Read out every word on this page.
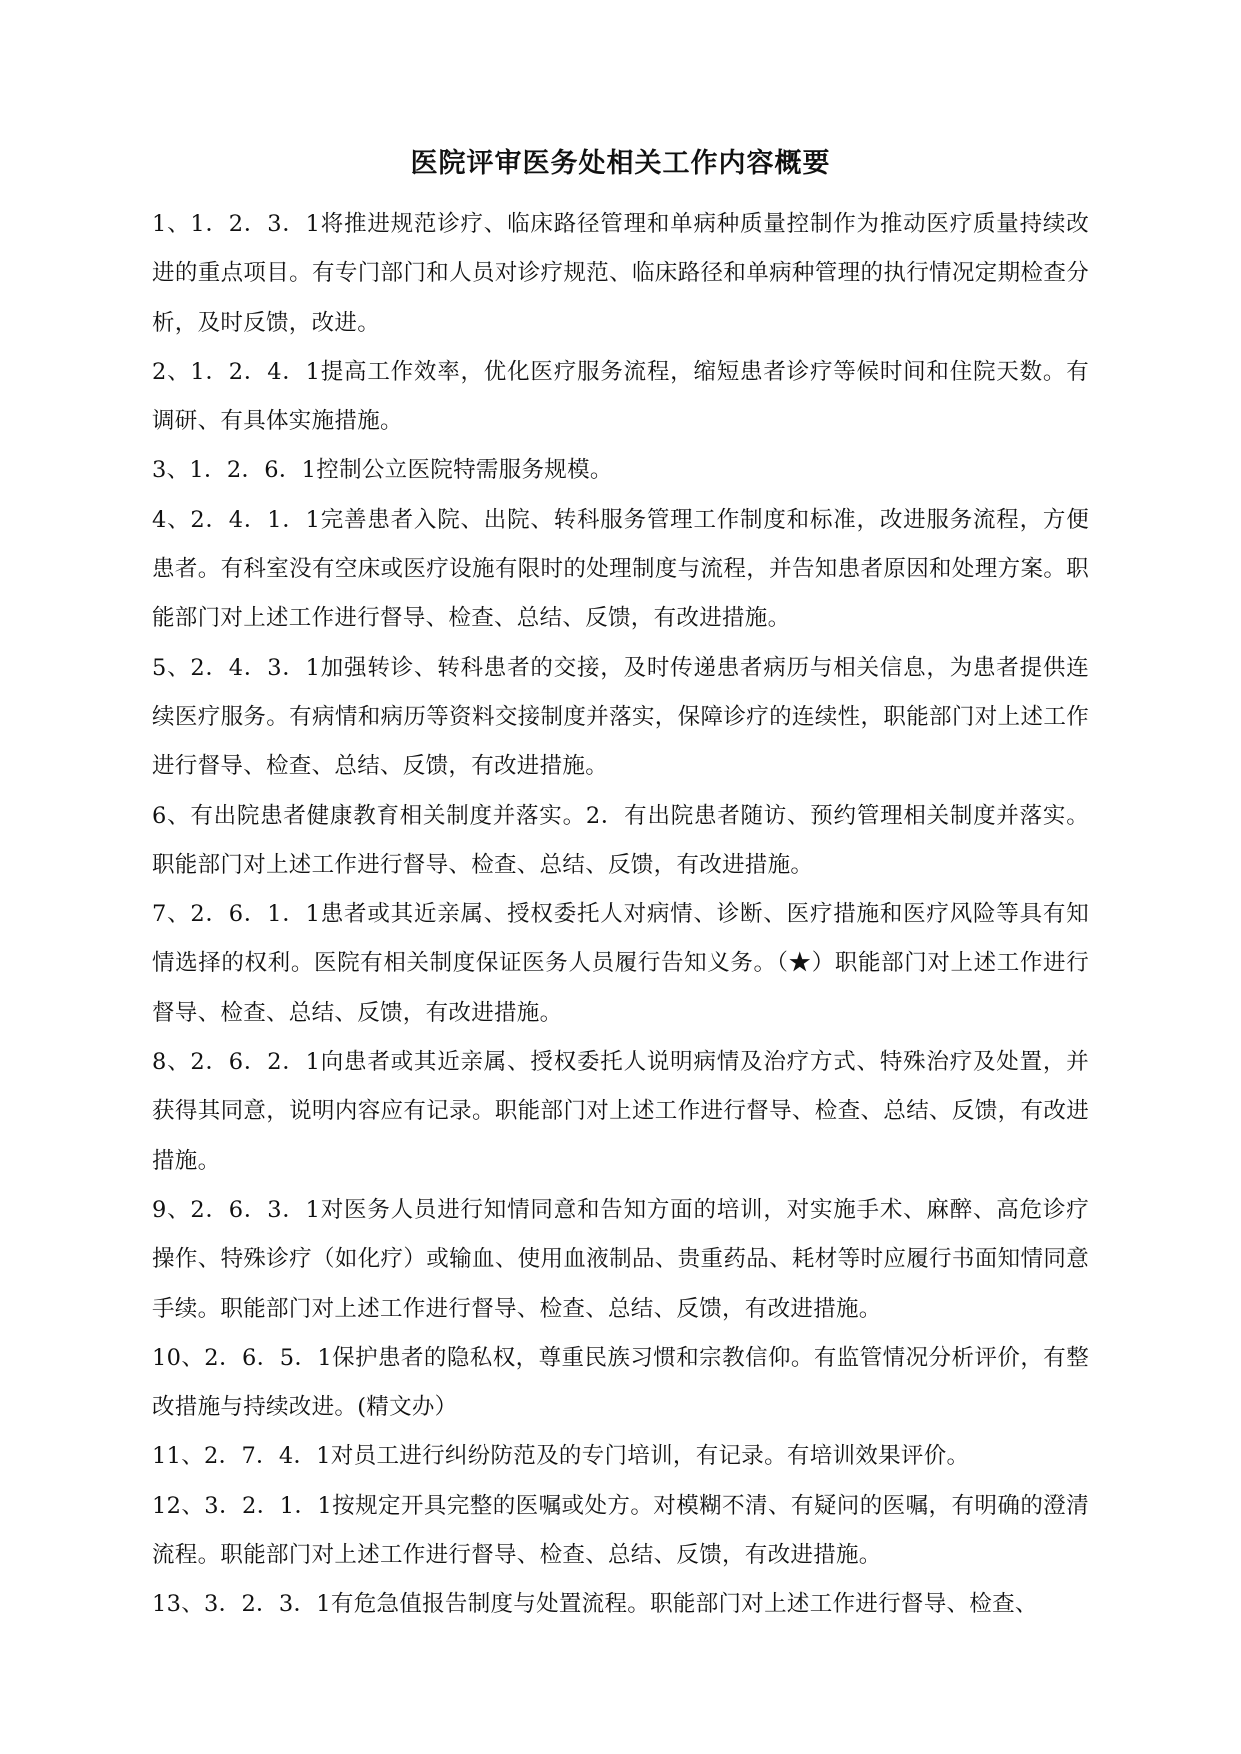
医院评审医务处相关工作内容概要

1、1．2．3．1将推进规范诊疗、临床路径管理和单病种质量控制作为推动医疗质量持续改进的重点项目。有专门部门和人员对诊疗规范、临床路径和单病种管理的执行情况定期检查分析，及时反馈，改进。

2、1．2．4．1提高工作效率，优化医疗服务流程，缩短患者诊疗等候时间和住院天数。有调研、有具体实施措施。

3、1．2．6．1控制公立医院特需服务规模。

4、2．4．1．1完善患者入院、出院、转科服务管理工作制度和标准，改进服务流程，方便患者。有科室没有空床或医疗设施有限时的处理制度与流程，并告知患者原因和处理方案。职能部门对上述工作进行督导、检查、总结、反馈，有改进措施。

5、2．4．3．1加强转诊、转科患者的交接，及时传递患者病历与相关信息，为患者提供连续医疗服务。有病情和病历等资料交接制度并落实，保障诊疗的连续性，职能部门对上述工作进行督导、检查、总结、反馈，有改进措施。

6、有出院患者健康教育相关制度并落实。2．有出院患者随访、预约管理相关制度并落实。职能部门对上述工作进行督导、检查、总结、反馈，有改进措施。

7、2．6．1．1患者或其近亲属、授权委托人对病情、诊断、医疗措施和医疗风险等具有知情选择的权利。医院有相关制度保证医务人员履行告知义务。（★）职能部门对上述工作进行督导、检查、总结、反馈，有改进措施。

8、2．6．2．1向患者或其近亲属、授权委托人说明病情及治疗方式、特殊治疗及处置，并获得其同意，说明内容应有记录。职能部门对上述工作进行督导、检查、总结、反馈，有改进措施。

9、2．6．3．1对医务人员进行知情同意和告知方面的培训，对实施手术、麻醉、高危诊疗操作、特殊诊疗（如化疗）或输血、使用血液制品、贵重药品、耗材等时应履行书面知情同意手续。职能部门对上述工作进行督导、检查、总结、反馈，有改进措施。

10、2．6．5．1保护患者的隐私权，尊重民族习惯和宗教信仰。有监管情况分析评价，有整改措施与持续改进。(精文办）

11、2．7．4．1对员工进行纠纷防范及的专门培训，有记录。有培训效果评价。

12、3．2．1．1按规定开具完整的医嘱或处方。对模糊不清、有疑问的医嘱，有明确的澄清流程。职能部门对上述工作进行督导、检查、总结、反馈，有改进措施。

13、3．2．3．1有危急值报告制度与处置流程。职能部门对上述工作进行督导、检查、
